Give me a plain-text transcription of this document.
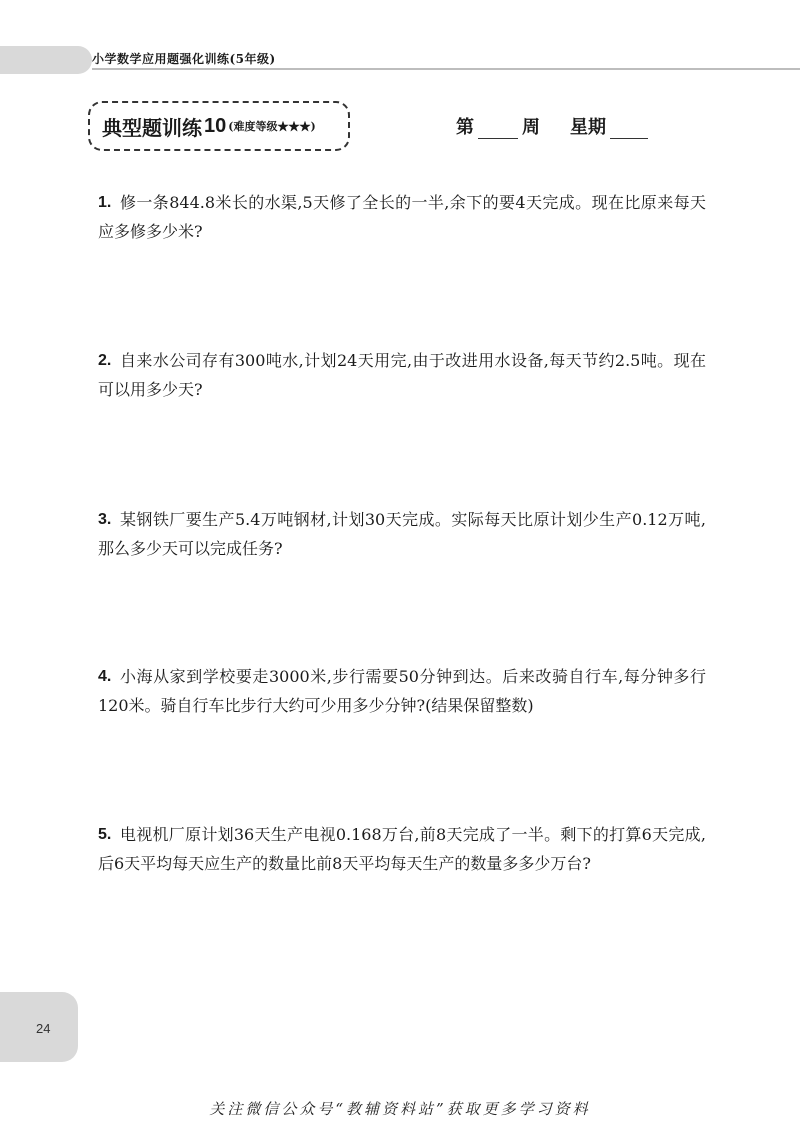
小学数学应用题强化训练(5年级)
典型题训练 10 (难度等级★★★)	第	周 星期
1. 修一条844.8米长的水渠,5天修了全长的一半,余下的要4天完成。现在比原来每天应多修多少米?
2. 自来水公司存有300吨水,计划24天用完,由于改进用水设备,每天节约2.5吨。现在可以用多少天?
3. 某钢铁厂要生产5.4万吨钢材,计划30天完成。实际每天比原计划少生产0.12万吨,那么多少天可以完成任务?
4. 小海从家到学校要走3000米,步行需要50分钟到达。后来改骑自行车,每分钟多行120米。骑自行车比步行大约可少用多少分钟?(结果保留整数)
5. 电视机厂原计划36天生产电视0.168万台,前8天完成了一半。剩下的打算6天完成,后6天平均每天应生产的数量比前8天平均每天生产的数量多多少万台?
24
关注微信公众号“教辅资料站”获取更多学习资料
